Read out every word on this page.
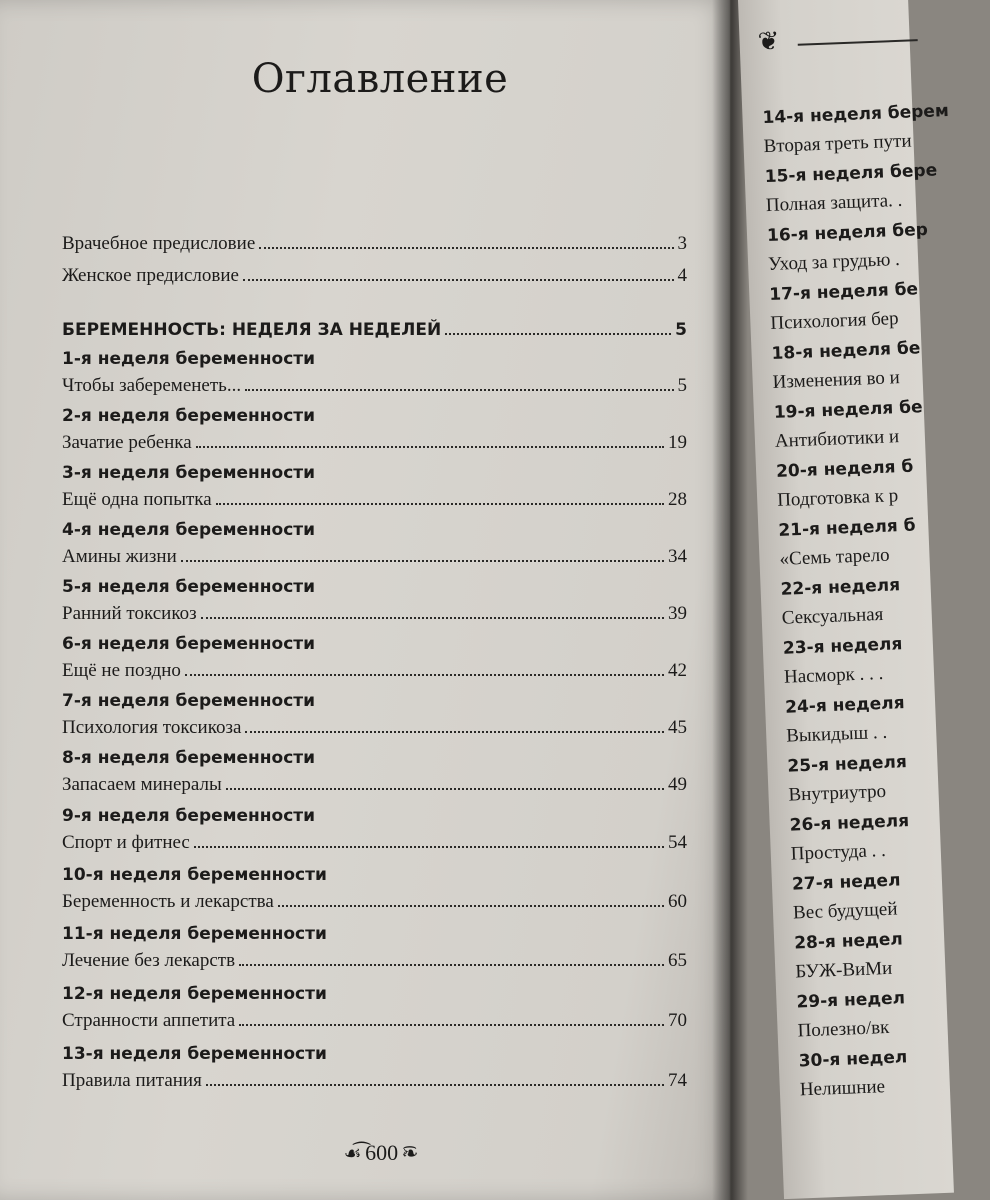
Оглавление
Врачебное предисловие	3
Женское предисловие	4
БЕРЕМЕННОСТЬ: НЕДЕЛЯ ЗА НЕДЕЛЕЙ	5
1-я неделя беременности
Чтобы забеременеть...	5
2-я неделя беременности
Зачатие ребенка	19
3-я неделя беременности
Ещё одна попытка	28
4-я неделя беременности
Амины жизни	34
5-я неделя беременности
Ранний токсикоз	39
6-я неделя беременности
Ещё не поздно	42
7-я неделя беременности
Психология токсикоза	45
8-я неделя беременности
Запасаем минералы	49
9-я неделя беременности
Спорт и фитнес	54
10-я неделя беременности
Беременность и лекарства	60
11-я неделя беременности
Лечение без лекарств	65
12-я неделя беременности
Странности аппетита	70
13-я неделя беременности
Правила питания	74
☙͡ 600 ͡❧
❦
14-я неделя берем
Вторая треть пути
15-я неделя бере
Полная защита. .
16-я неделя бер
Уход за грудью .
17-я неделя бе
Психология бер
18-я неделя бе
Изменения во и
19-я неделя бе
Антибиотики и
20-я неделя б
Подготовка к р
21-я неделя б
«Семь тарело
22-я неделя
Сексуальная
23-я неделя
Насморк . . .
24-я неделя
Выкидыш . .
25-я неделя
Внутриутро
26-я неделя
Простуда . .
27-я недел
Вес будущей
28-я недел
БУЖ-ВиМи
29-я недел
Полезно/вк
30-я недел
Нелишние
